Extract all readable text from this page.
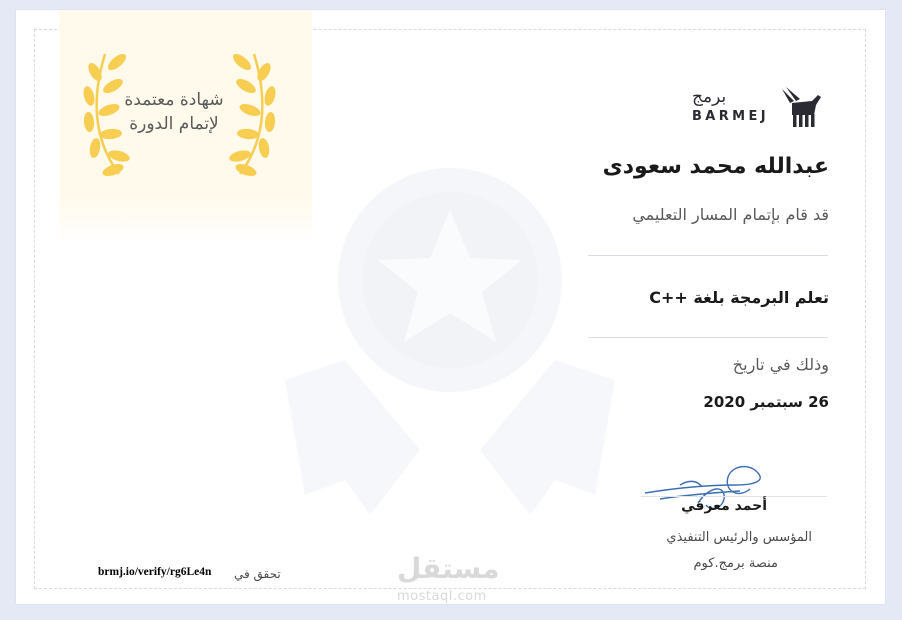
شهادة معتمدة
لإتمام الدورة
برمج
BARMEJ
عبدالله محمد سعودى
قد قام بإتمام المسار التعليمي
تعلم البرمجة بلغة ++C
وذلك في تاريخ
26 سبتمبر 2020
أحمد معرفي
المؤسس والرئيس التنفيذي
منصة برمج.كوم
تحقق في
brmj.io/verify/rg6Le4n	مستقل
mostaql.com
